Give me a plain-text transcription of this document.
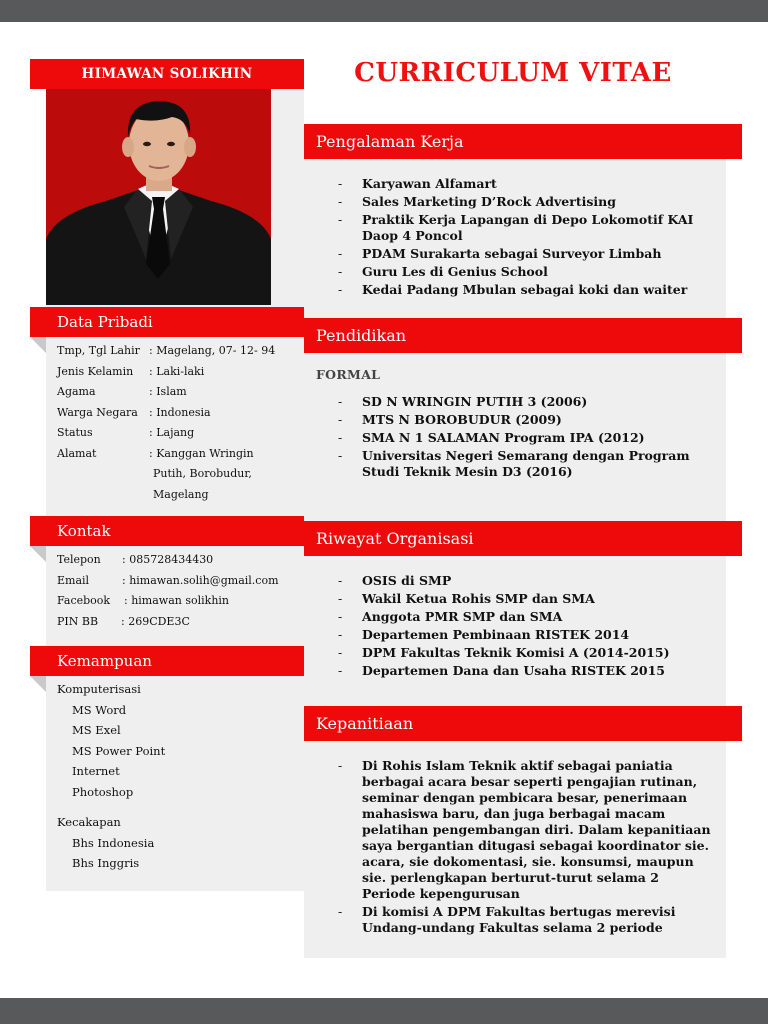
HIMAWAN SOLIKHIN	CURRICULUM VITAE
Data Pribadi
Tmp, Tgl Lahir : Magelang, 07- 12- 94
Jenis Kelamin	: Laki-laki
Agama	: Islam
Warga Negara	: Indonesia
Status	: Lajang
Alamat	: Kanggan Wringin
Putih, Borobudur,
Magelang
Kontak
Telepon	: 085728434430
Email	: himawan.solih@gmail.com
Facebook	: himawan solikhin
PIN BB	: 269CDE3C
Kemampuan
Komputerisasi
MS Word
MS Exel
MS Power Point
Internet
Photoshop
Kecakapan
Bhs Indonesia
Bhs Inggris
Pengalaman Kerja
- Karyawan Alfamart
- Sales Marketing D’Rock Advertising
- Praktik Kerja Lapangan di Depo Lokomotif KAI Daop 4 Poncol
- PDAM Surakarta sebagai Surveyor Limbah
- Guru Les di Genius School
- Kedai Padang Mbulan sebagai koki dan waiter
Pendidikan
FORMAL
- SD N WRINGIN PUTIH 3 (2006)
- MTS N BOROBUDUR (2009)
- SMA N 1 SALAMAN Program IPA (2012)
- Universitas Negeri Semarang dengan Program Studi Teknik Mesin D3 (2016)
Riwayat Organisasi
- OSIS di SMP
- Wakil Ketua Rohis SMP dan SMA
- Anggota PMR SMP dan SMA
- Departemen Pembinaan RISTEK 2014
- DPM Fakultas Teknik Komisi A (2014-2015)
- Departemen Dana dan Usaha RISTEK 2015
Kepanitiaan
- Di Rohis Islam Teknik aktif sebagai paniatia berbagai acara besar seperti pengajian rutinan, seminar dengan pembicara besar, penerimaan mahasiswa baru, dan juga berbagai macam pelatihan pengembangan diri. Dalam kepanitiaan saya bergantian ditugasi sebagai koordinator sie. acara, sie dokomentasi, sie. konsumsi, maupun sie. perlengkapan berturut-turut selama 2 Periode kepengurusan
- Di komisi A DPM Fakultas bertugas merevisi Undang-undang Fakultas selama 2 periode
